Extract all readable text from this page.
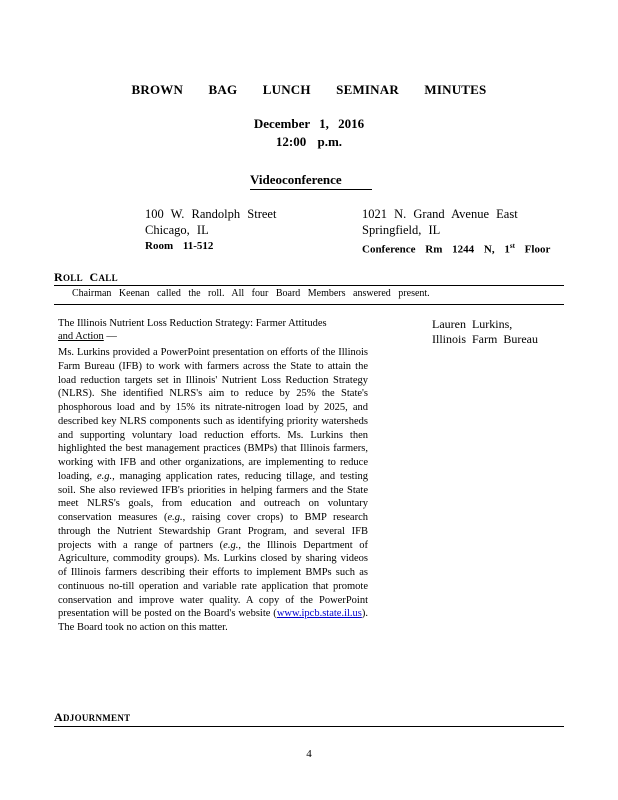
BROWN BAG LUNCH SEMINAR MINUTES
December 1, 2016
12:00 p.m.
Videoconference
100 W. Randolph Street
Chicago, IL
Room 11-512
1021 N. Grand Avenue East
Springfield, IL
Conference Rm 1244 N, 1st Floor
ROLL CALL
Chairman Keenan called the roll. All four Board Members answered present.
The Illinois Nutrient Loss Reduction Strategy: Farmer Attitudes
and Action —
Lauren Lurkins,
Illinois Farm Bureau
Ms. Lurkins provided a PowerPoint presentation on efforts of the Illinois Farm Bureau (IFB) to work with farmers across the State to attain the load reduction targets set in Illinois' Nutrient Loss Reduction Strategy (NLRS). She identified NLRS's aim to reduce by 25% the State's phosphorous load and by 15% its nitrate-nitrogen load by 2025, and described key NLRS components such as identifying priority watersheds and supporting voluntary load reduction efforts. Ms. Lurkins then highlighted the best management practices (BMPs) that Illinois farmers, working with IFB and other organizations, are implementing to reduce loading, e.g., managing application rates, reducing tillage, and testing soil. She also reviewed IFB's priorities in helping farmers and the State meet NLRS's goals, from education and outreach on voluntary conservation measures (e.g., raising cover crops) to BMP research through the Nutrient Stewardship Grant Program, and several IFB projects with a range of partners (e.g., the Illinois Department of Agriculture, commodity groups). Ms. Lurkins closed by sharing videos of Illinois farmers describing their efforts to implement BMPs such as continuous no-till operation and variable rate application that promote conservation and improve water quality. A copy of the PowerPoint presentation will be posted on the Board's website (www.ipcb.state.il.us). The Board took no action on this matter.
ADJOURNMENT
4
